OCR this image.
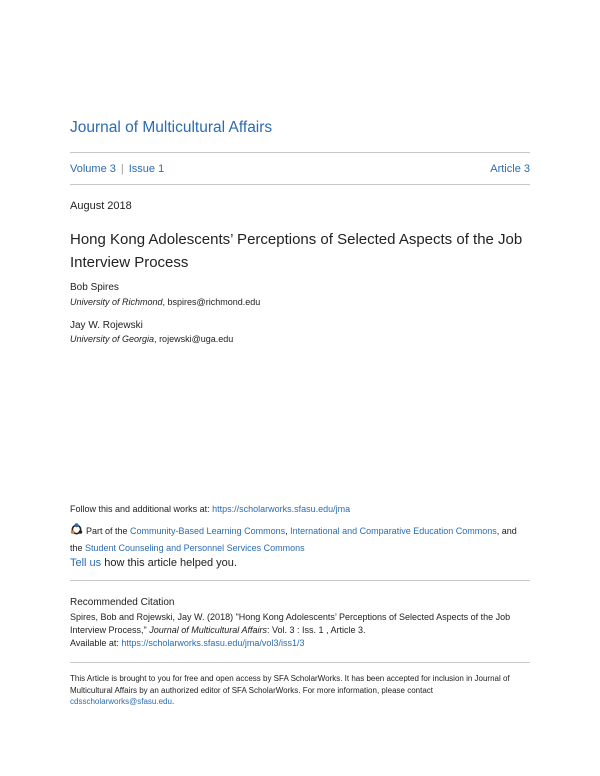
Journal of Multicultural Affairs
Volume 3 | Issue 1	Article 3
August 2018
Hong Kong Adolescents’ Perceptions of Selected Aspects of the Job Interview Process
Bob Spires
University of Richmond, bspires@richmond.edu
Jay W. Rojewski
University of Georgia, rojewski@uga.edu
Follow this and additional works at: https://scholarworks.sfasu.edu/jma
Part of the Community-Based Learning Commons, International and Comparative Education Commons, and the Student Counseling and Personnel Services Commons
Tell us how this article helped you.
Recommended Citation
Spires, Bob and Rojewski, Jay W. (2018) "Hong Kong Adolescents’ Perceptions of Selected Aspects of the Job Interview Process," Journal of Multicultural Affairs: Vol. 3 : Iss. 1 , Article 3.
Available at: https://scholarworks.sfasu.edu/jma/vol3/iss1/3
This Article is brought to you for free and open access by SFA ScholarWorks. It has been accepted for inclusion in Journal of Multicultural Affairs by an authorized editor of SFA ScholarWorks. For more information, please contact cdsscholarworks@sfasu.edu.
